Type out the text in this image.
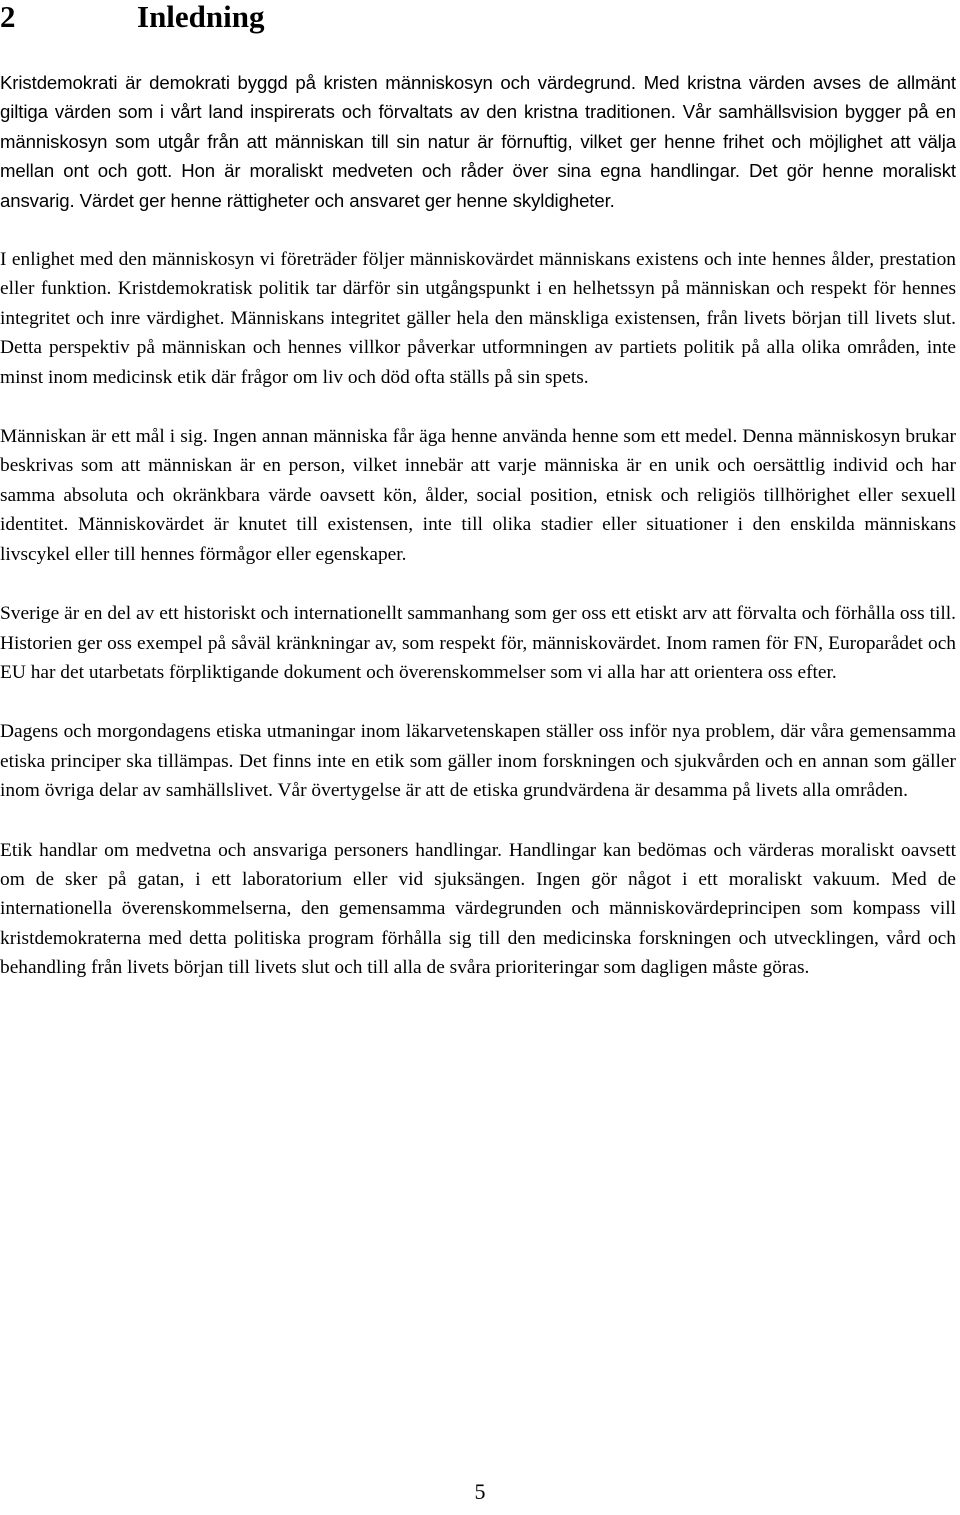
2	Inledning

Kristdemokrati är demokrati byggd på kristen människosyn och värdegrund. Med kristna värden avses de allmänt giltiga värden som i vårt land inspirerats och förvaltats av den kristna traditionen. Vår samhällsvision bygger på en människosyn som utgår från att människan till sin natur är förnuftig, vilket ger henne frihet och möjlighet att välja mellan ont och gott. Hon är moraliskt medveten och råder över sina egna handlingar. Det gör henne moraliskt ansvarig. Värdet ger henne rättigheter och ansvaret ger henne skyldigheter.

I enlighet med den människosyn vi företräder följer människovärdet människans existens och inte hennes ålder, prestation eller funktion. Kristdemokratisk politik tar därför sin utgångspunkt i en helhetssyn på människan och respekt för hennes integritet och inre värdighet. Människans integritet gäller hela den mänskliga existensen, från livets början till livets slut. Detta perspektiv på människan och hennes villkor påverkar utformningen av partiets politik på alla olika områden, inte minst inom medicinsk etik där frågor om liv och död ofta ställs på sin spets.

Människan är ett mål i sig. Ingen annan människa får äga henne använda henne som ett medel. Denna människosyn brukar beskrivas som att människan är en person, vilket innebär att varje människa är en unik och oersättlig individ och har samma absoluta och okränkbara värde oavsett kön, ålder, social position, etnisk och religiös tillhörighet eller sexuell identitet. Människovärdet är knutet till existensen, inte till olika stadier eller situationer i den enskilda människans livscykel eller till hennes förmågor eller egenskaper.

Sverige är en del av ett historiskt och internationellt sammanhang som ger oss ett etiskt arv att förvalta och förhålla oss till. Historien ger oss exempel på såväl kränkningar av, som respekt för, människovärdet. Inom ramen för FN, Europarådet och EU har det utarbetats förpliktigande dokument och överenskommelser som vi alla har att orientera oss efter.

Dagens och morgondagens etiska utmaningar inom läkarvetenskapen ställer oss inför nya problem, där våra gemensamma etiska principer ska tillämpas. Det finns inte en etik som gäller inom forskningen och sjukvården och en annan som gäller inom övriga delar av samhällslivet. Vår övertygelse är att de etiska grundvärdena är desamma på livets alla områden.

Etik handlar om medvetna och ansvariga personers handlingar. Handlingar kan bedömas och värderas moraliskt oavsett om de sker på gatan, i ett laboratorium eller vid sjuksängen. Ingen gör något i ett moraliskt vakuum. Med de internationella överenskommelserna, den gemensamma värdegrunden och människovärdeprincipen som kompass vill kristdemokraterna med detta politiska program förhålla sig till den medicinska forskningen och utvecklingen, vård och behandling från livets början till livets slut och till alla de svåra prioriteringar som dagligen måste göras.

5
